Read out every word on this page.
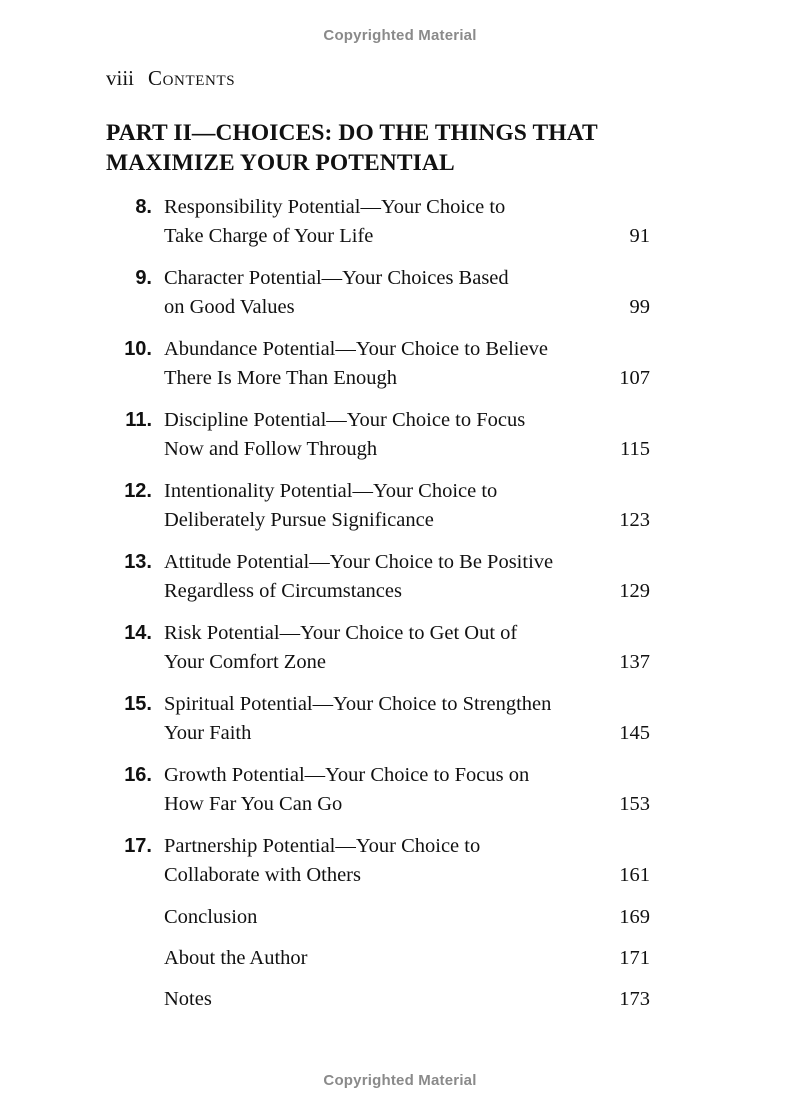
Copyrighted Material
viii Contents
PART II—CHOICES: DO THE THINGS THAT
MAXIMIZE YOUR POTENTIAL
8. Responsibility Potential—Your Choice to
Take Charge of Your Life	91
9. Character Potential—Your Choices Based
on Good Values	99
10. Abundance Potential—Your Choice to Believe
There Is More Than Enough	107
11. Discipline Potential—Your Choice to Focus
Now and Follow Through	115
12. Intentionality Potential—Your Choice to
Deliberately Pursue Significance	123
13. Attitude Potential—Your Choice to Be Positive
Regardless of Circumstances	129
14. Risk Potential—Your Choice to Get Out of
Your Comfort Zone	137
15. Spiritual Potential—Your Choice to Strengthen
Your Faith	145
16. Growth Potential—Your Choice to Focus on
How Far You Can Go	153
17. Partnership Potential—Your Choice to
Collaborate with Others	161
Conclusion	169
About the Author	171
Notes	173
Copyrighted Material
